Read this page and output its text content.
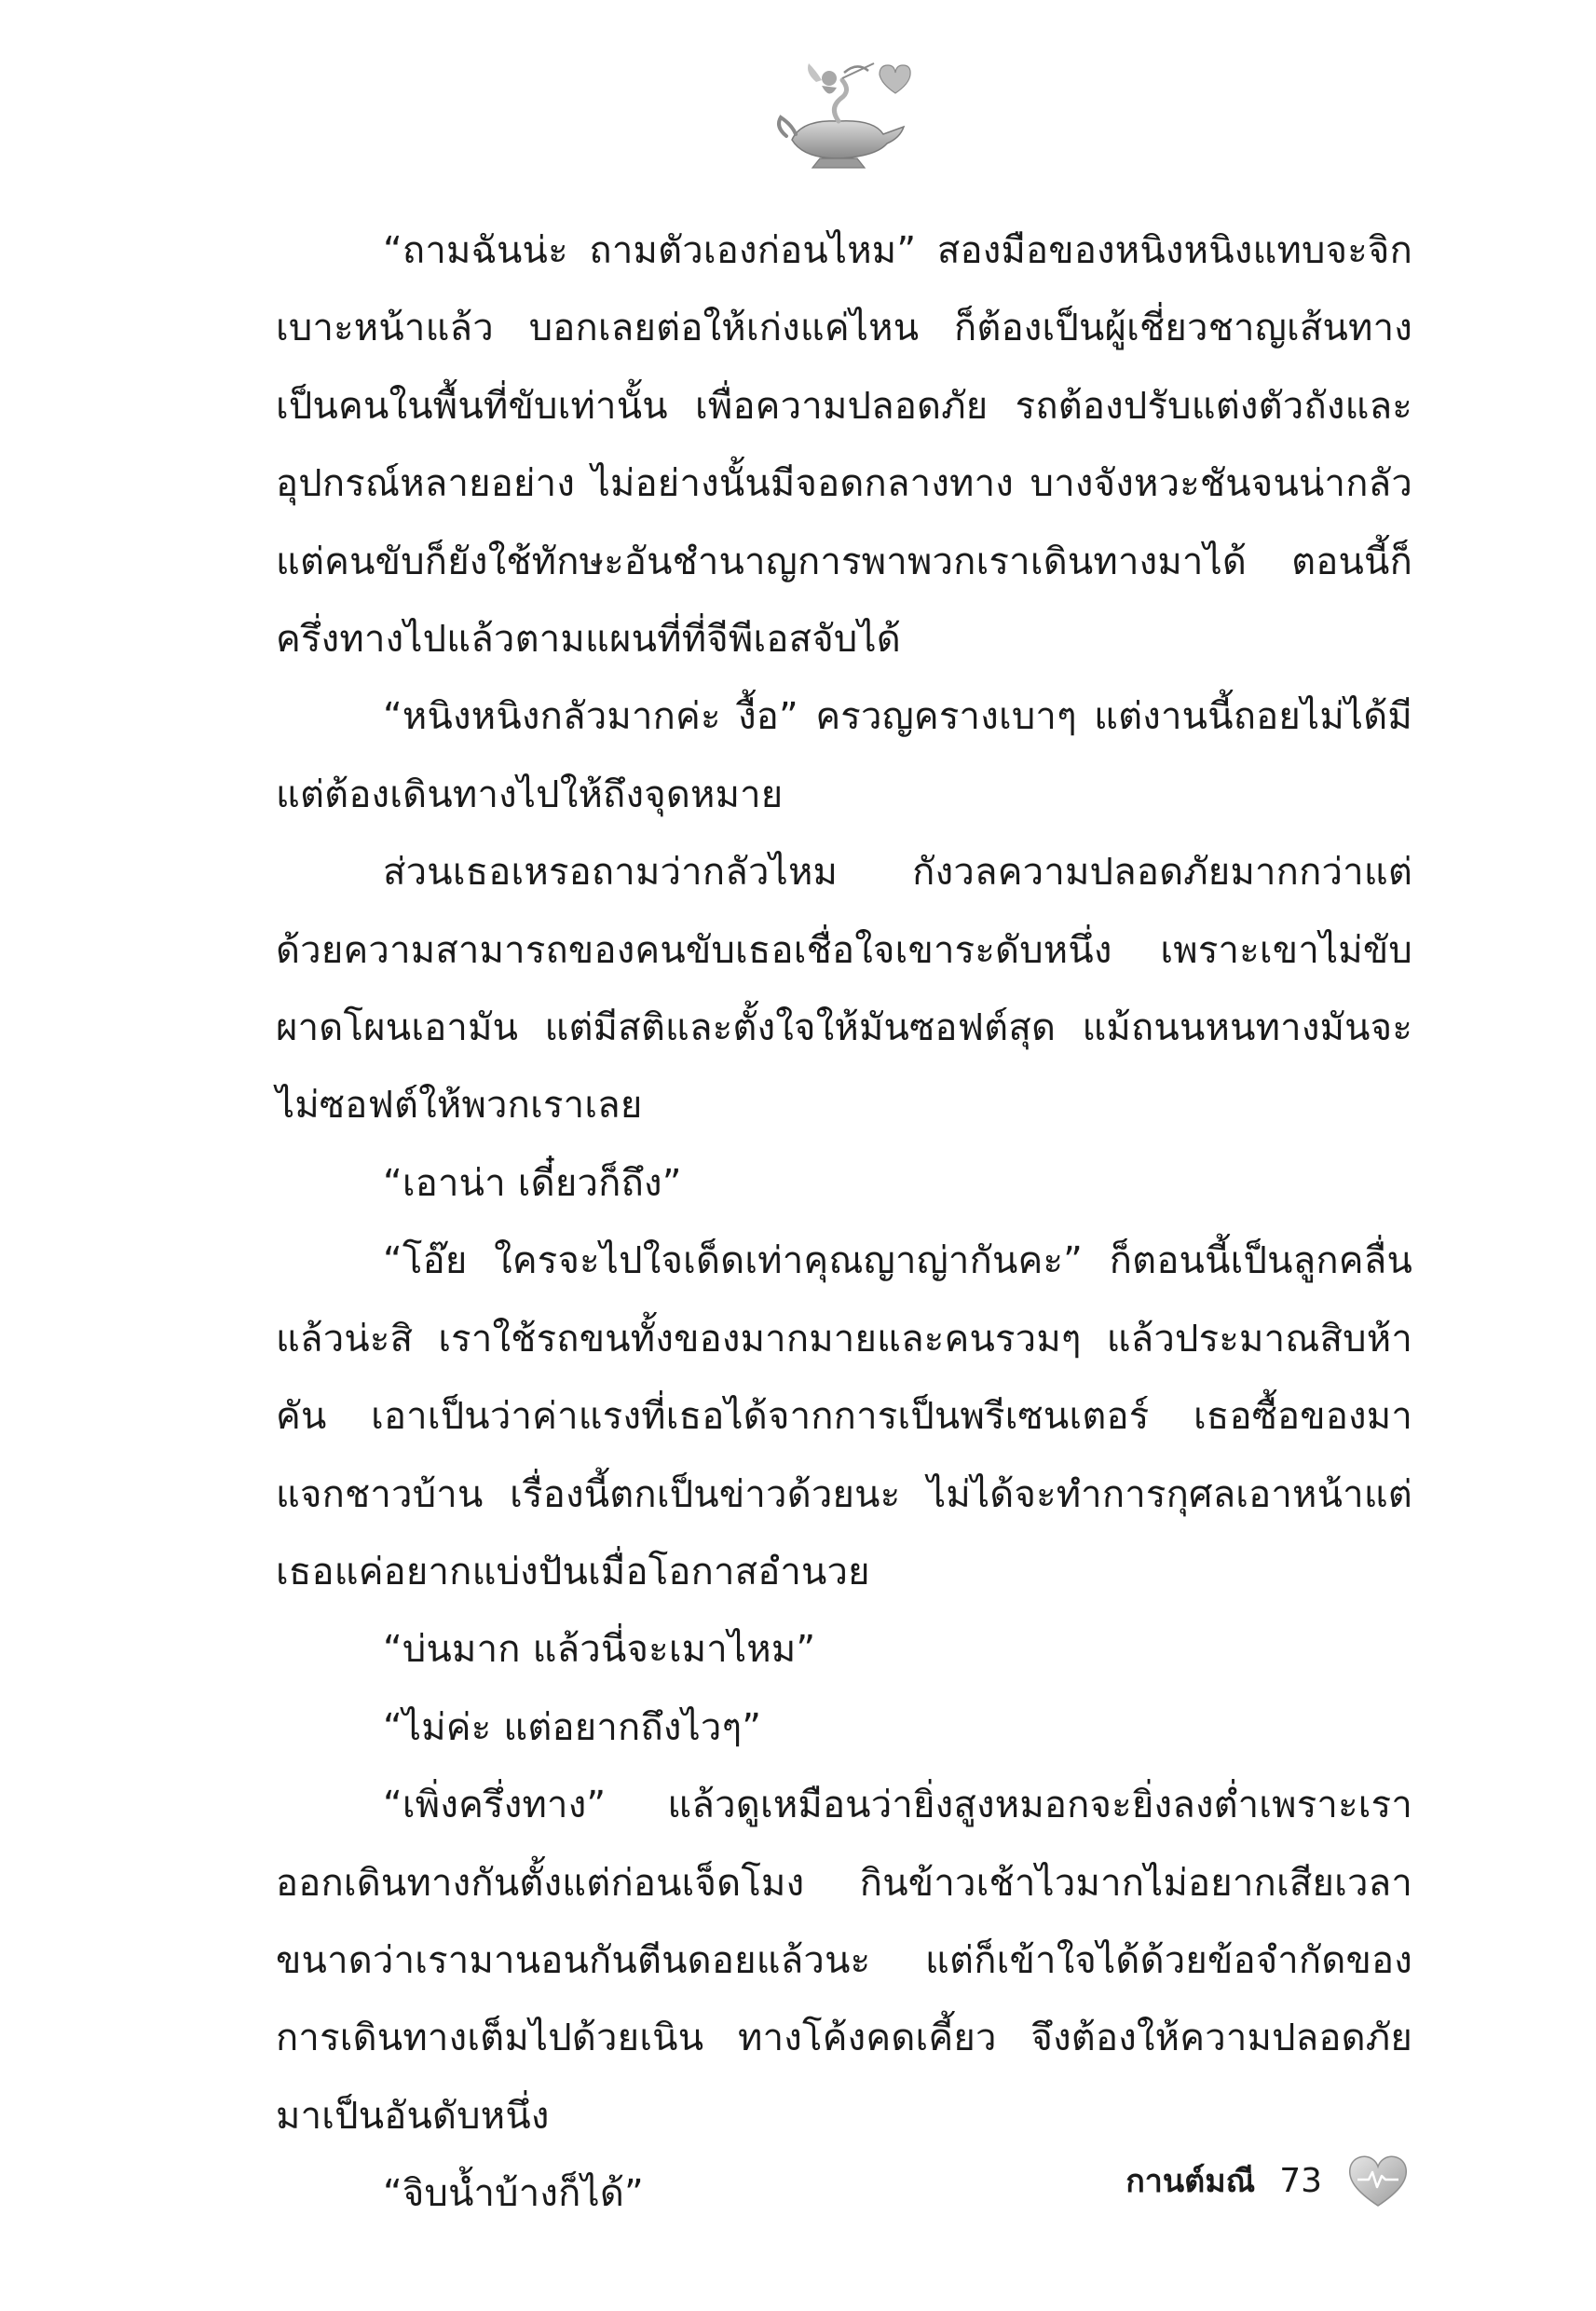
“ถามฉันน่ะ ถามตัวเองก่อนไหม” สองมือของหนิงหนิงแทบจะจิกเบาะหน้าแล้ว บอกเลยต่อให้เก่งแค่ไหน ก็ต้องเป็นผู้เชี่ยวชาญเส้นทาง เป็นคนในพื้นที่ขับเท่านั้น เพื่อความปลอดภัย รถต้องปรับแต่งตัวถังและอุปกรณ์หลายอย่าง ไม่อย่างนั้นมีจอดกลางทาง บางจังหวะชันจนน่ากลัว แต่คนขับก็ยังใช้ทักษะอันชำนาญการพาพวกเราเดินทางมาได้ ตอนนี้ก็ครึ่งทางไปแล้วตามแผนที่ที่จีพีเอสจับได้

“หนิงหนิงกลัวมากค่ะ งื้อ” ครวญครางเบาๆ แต่งานนี้ถอยไม่ได้มีแต่ต้องเดินทางไปให้ถึงจุดหมาย

ส่วนเธอเหรอถามว่ากลัวไหม กังวลความปลอดภัยมากกว่าแต่ด้วยความสามารถของคนขับเธอเชื่อใจเขาระดับหนึ่ง เพราะเขาไม่ขับผาดโผนเอามัน แต่มีสติและตั้งใจให้มันซอฟต์สุด แม้ถนนหนทางมันจะไม่ซอฟต์ให้พวกเราเลย

“เอาน่า เดี๋ยวก็ถึง”

“โอ๊ย ใครจะไปใจเด็ดเท่าคุณญาญ่ากันคะ” ก็ตอนนี้เป็นลูกคลื่นแล้วน่ะสิ เราใช้รถขนทั้งของมากมายและคนรวมๆ แล้วประมาณสิบห้าคัน เอาเป็นว่าค่าแรงที่เธอได้จากการเป็นพรีเซนเตอร์ เธอซื้อของมาแจกชาวบ้าน เรื่องนี้ตกเป็นข่าวด้วยนะ ไม่ได้จะทำการกุศลเอาหน้าแต่เธอแค่อยากแบ่งปันเมื่อโอกาสอำนวย

“บ่นมาก แล้วนี่จะเมาไหม”

“ไม่ค่ะ แต่อยากถึงไวๆ”

“เพิ่งครึ่งทาง” แล้วดูเหมือนว่ายิ่งสูงหมอกจะยิ่งลงต่ำเพราะเราออกเดินทางกันตั้งแต่ก่อนเจ็ดโมง กินข้าวเช้าไวมากไม่อยากเสียเวลาขนาดว่าเรามานอนกันตีนดอยแล้วนะ แต่ก็เข้าใจได้ด้วยข้อจำกัดของการเดินทางเต็มไปด้วยเนิน ทางโค้งคดเคี้ยว จึงต้องให้ความปลอดภัยมาเป็นอันดับหนึ่ง

“จิบน้ำบ้างก็ได้”	กานต์มณี 73
